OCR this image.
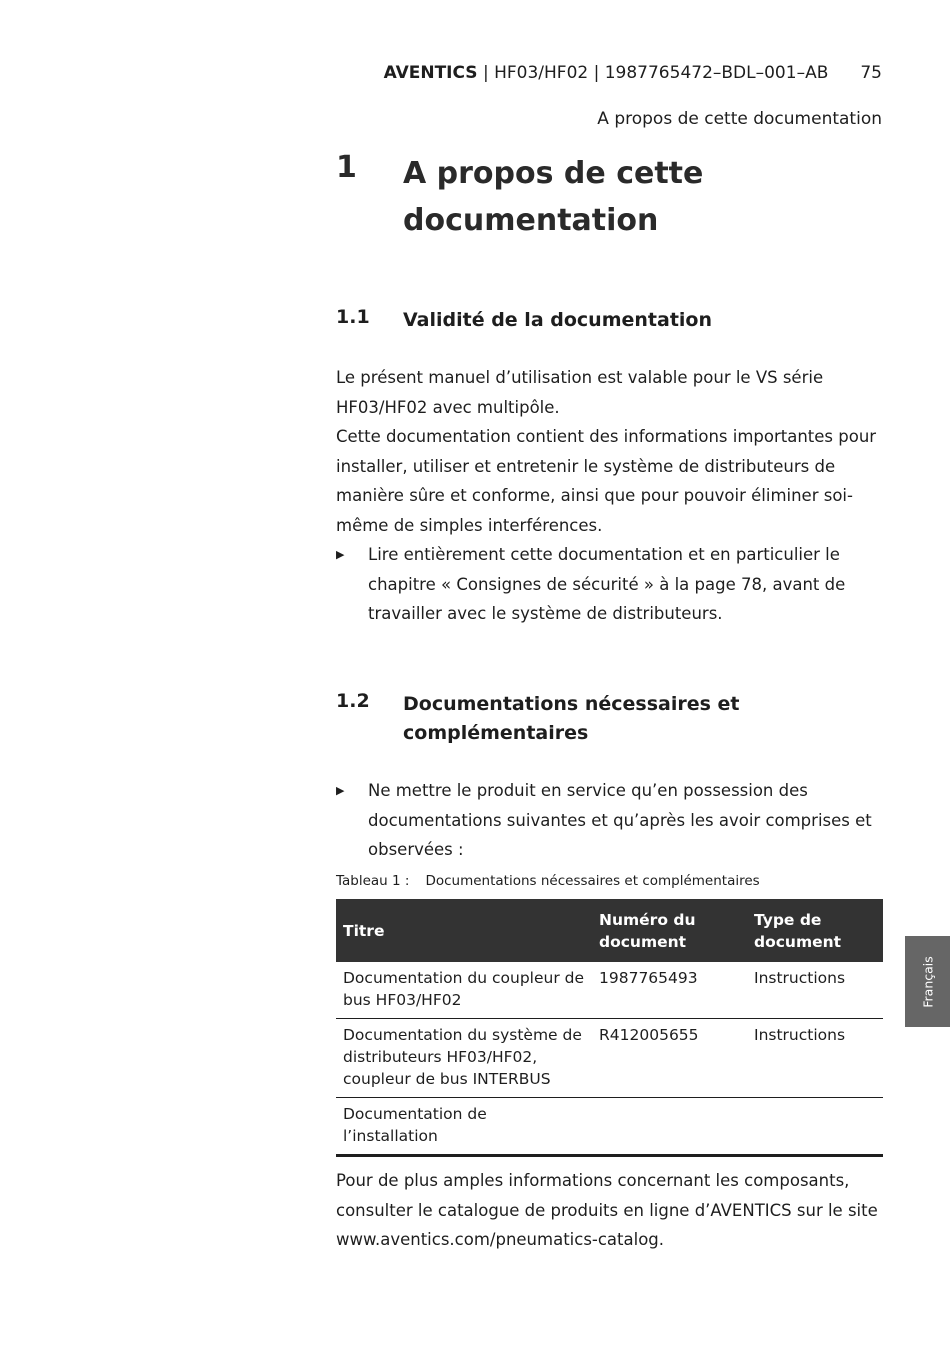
AVENTICS | HF03/HF02 | 1987765472–BDL–001–AB 75
A propos de cette documentation
1 A propos de cette documentation
1.1 Validité de la documentation
Le présent manuel d’utilisation est valable pour le VS série HF03/HF02 avec multipôle.
Cette documentation contient des informations importantes pour installer, utiliser et entretenir le système de distributeurs de manière sûre et conforme, ainsi que pour pouvoir éliminer soi-même de simples interférences.
▶ Lire entièrement cette documentation et en particulier le chapitre « Consignes de sécurité » à la page 78, avant de travailler avec le système de distributeurs.
1.2 Documentations nécessaires et complémentaires
▶ Ne mettre le produit en service qu’en possession des documentations suivantes et qu’après les avoir comprises et observées :
Tableau 1 : Documentations nécessaires et complémentaires
Titre	Numéro du document	Type de document
Documentation du coupleur de bus HF03/HF02	1987765493	Instructions
Documentation du système de distributeurs HF03/HF02, coupleur de bus INTERBUS	R412005655	Instructions
Documentation de l’installation		
Pour de plus amples informations concernant les composants, consulter le catalogue de produits en ligne d’AVENTICS sur le site www.aventics.com/pneumatics-catalog.
Français
